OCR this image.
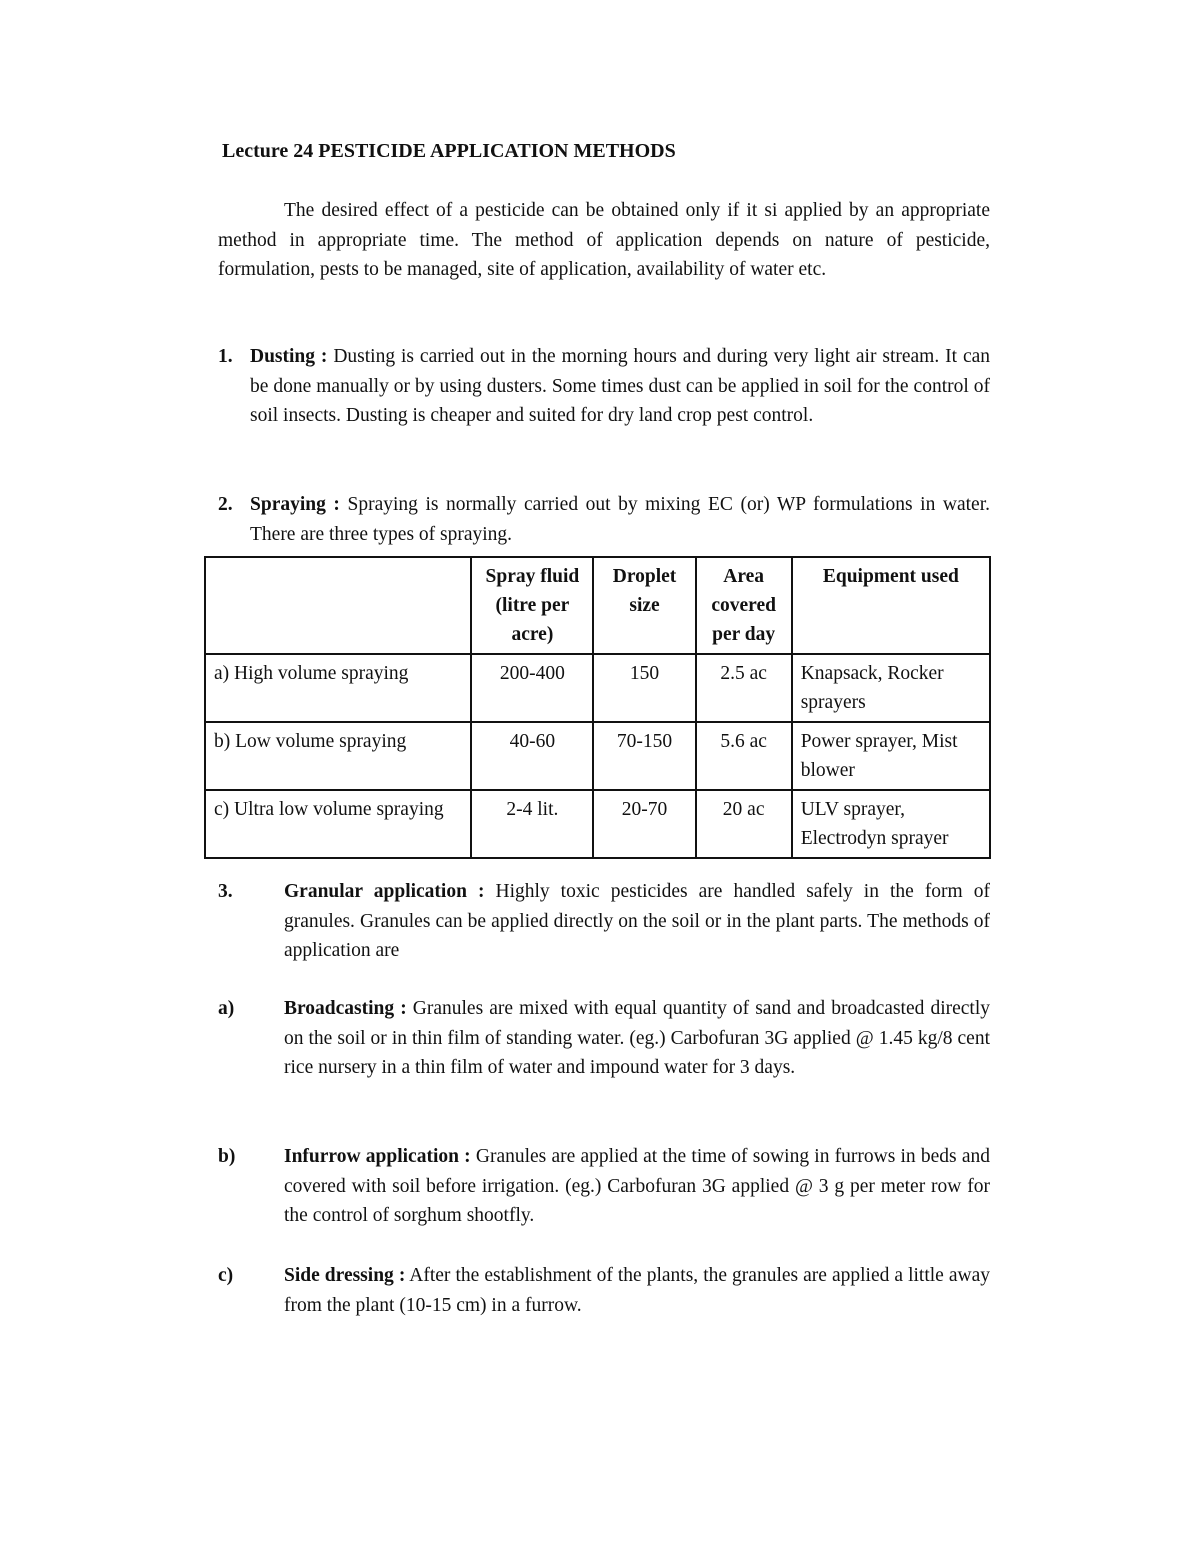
Lecture 24 PESTICIDE APPLICATION METHODS

The desired effect of a pesticide can be obtained only if it si applied by an appropriate method in appropriate time. The method of application depends on nature of pesticide, formulation, pests to be managed, site of application, availability of water etc.

1. Dusting : Dusting is carried out in the morning hours and during very light air stream. It can be done manually or by using dusters. Some times dust can be applied in soil for the control of soil insects. Dusting is cheaper and suited for dry land crop pest control.
2. Spraying : Spraying is normally carried out by mixing EC (or) WP formulations in water. There are three types of spraying.
	Spray fluid (litre per acre)	Droplet size	Area covered per day	Equipment used
a) High volume spraying	200-400	150	2.5 ac	Knapsack, Rocker sprayers
b) Low volume spraying	40-60	70-150	5.6 ac	Power sprayer, Mist blower
c) Ultra low volume spraying	2-4 lit.	20-70	20 ac	ULV sprayer, Electrodyn sprayer
3.	Granular application : Highly toxic pesticides are handled safely in the form of granules. Granules can be applied directly on the soil or in the plant parts. The methods of application are
a)	Broadcasting : Granules are mixed with equal quantity of sand and broadcasted directly on the soil or in thin film of standing water. (eg.) Carbofuran 3G applied @ 1.45 kg/8 cent rice nursery in a thin film of water and impound water for 3 days.
b) Infurrow application : Granules are applied at the time of sowing in furrows in beds and covered with soil before irrigation. (eg.) Carbofuran 3G applied @ 3 g per meter row for the control of sorghum shootfly.
c)	Side dressing : After the establishment of the plants, the granules are applied a little away from the plant (10-15 cm) in a furrow.
